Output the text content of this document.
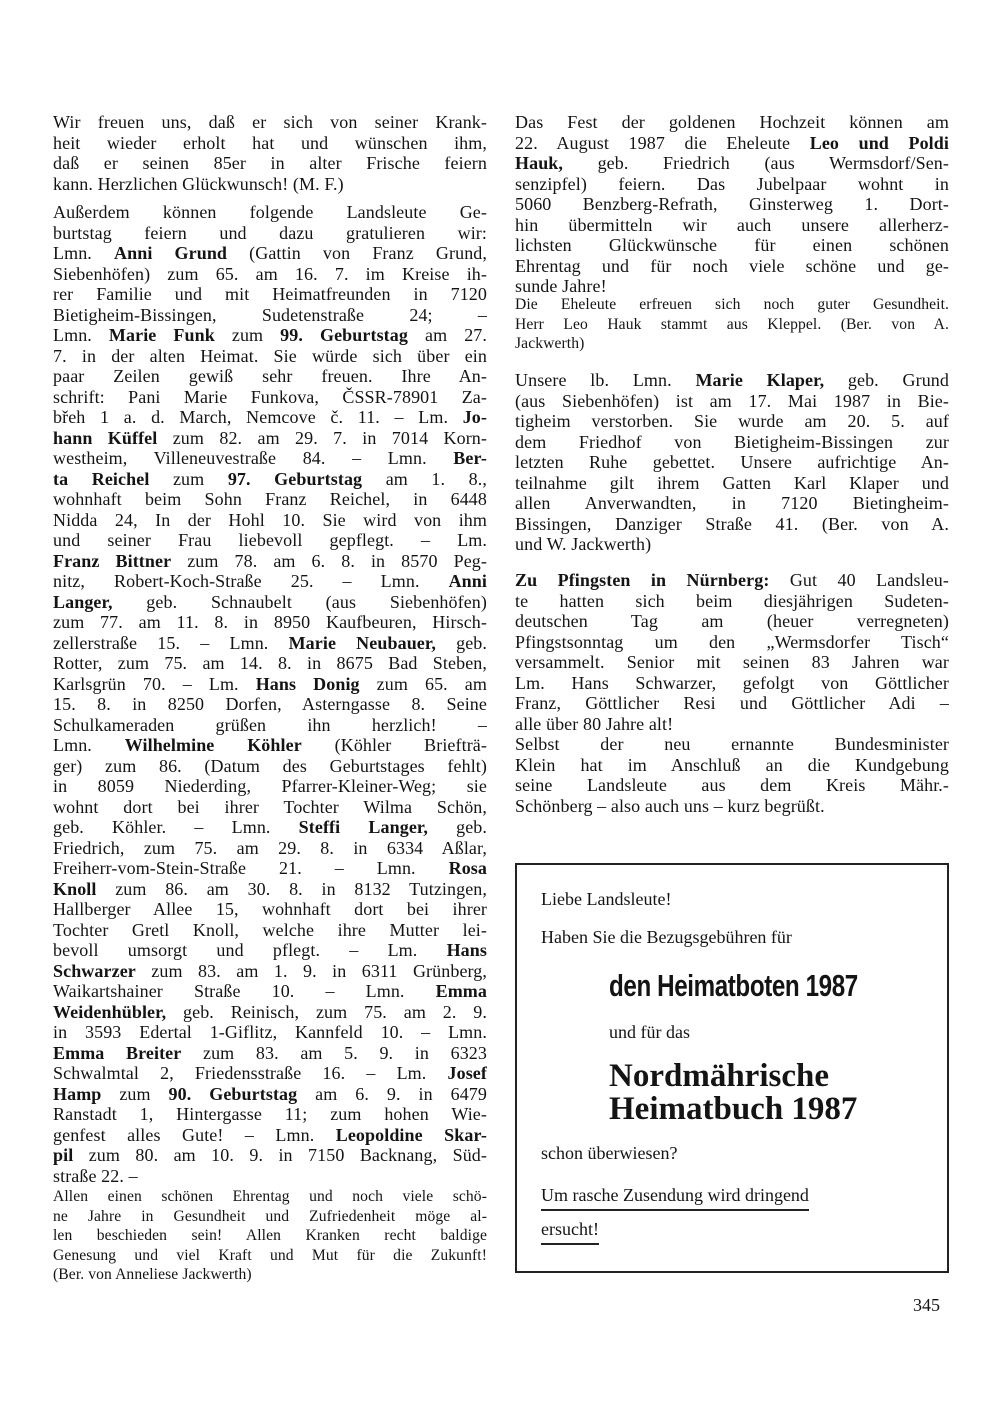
Wir freuen uns, daß er sich von seiner Krank-
heit wieder erholt hat und wünschen ihm,
daß er seinen 85er in alter Frische feiern
kann. Herzlichen Glückwunsch! (M. F.)
Außerdem können folgende Landsleute Ge-
burtstag feiern und dazu gratulieren wir:
Lmn. Anni Grund (Gattin von Franz Grund,
Siebenhöfen) zum 65. am 16. 7. im Kreise ih-
rer Familie und mit Heimatfreunden in 7120
Bietigheim-Bissingen, Sudetenstraße 24; –
Lmn. Marie Funk zum 99. Geburtstag am 27.
7. in der alten Heimat. Sie würde sich über ein
paar Zeilen gewiß sehr freuen. Ihre An-
schrift: Pani Marie Funkova, ČSSR-78901 Za-
břeh 1 a. d. March, Nemcove č. 11. – Lm. Jo-
hann Küffel zum 82. am 29. 7. in 7014 Korn-
westheim, Villeneuvestraße 84. – Lmn. Ber-
ta Reichel zum 97. Geburtstag am 1. 8.,
wohnhaft beim Sohn Franz Reichel, in 6448
Nidda 24, In der Hohl 10. Sie wird von ihm
und seiner Frau liebevoll gepflegt. – Lm.
Franz Bittner zum 78. am 6. 8. in 8570 Peg-
nitz, Robert-Koch-Straße 25. – Lmn. Anni
Langer, geb. Schnaubelt (aus Siebenhöfen)
zum 77. am 11. 8. in 8950 Kaufbeuren, Hirsch-
zellerstraße 15. – Lmn. Marie Neubauer, geb.
Rotter, zum 75. am 14. 8. in 8675 Bad Steben,
Karlsgrün 70. – Lm. Hans Donig zum 65. am
15. 8. in 8250 Dorfen, Asterngasse 8. Seine
Schulkameraden grüßen ihn herzlich! –
Lmn. Wilhelmine Köhler (Köhler Briefträ-
ger) zum 86. (Datum des Geburtstages fehlt)
in 8059 Niederding, Pfarrer-Kleiner-Weg; sie
wohnt dort bei ihrer Tochter Wilma Schön,
geb. Köhler. – Lmn. Steffi Langer, geb.
Friedrich, zum 75. am 29. 8. in 6334 Aßlar,
Freiherr-vom-Stein-Straße 21. – Lmn. Rosa
Knoll zum 86. am 30. 8. in 8132 Tutzingen,
Hallberger Allee 15, wohnhaft dort bei ihrer
Tochter Gretl Knoll, welche ihre Mutter lei-
bevoll umsorgt und pflegt. – Lm. Hans
Schwarzer zum 83. am 1. 9. in 6311 Grünberg,
Waikartshainer Straße 10. – Lmn. Emma
Weidenhübler, geb. Reinisch, zum 75. am 2. 9.
in 3593 Edertal 1-Giflitz, Kannfeld 10. – Lmn.
Emma Breiter zum 83. am 5. 9. in 6323
Schwalmtal 2, Friedensstraße 16. – Lm. Josef
Hamp zum 90. Geburtstag am 6. 9. in 6479
Ranstadt 1, Hintergasse 11; zum hohen Wie-
genfest alles Gute! – Lmn. Leopoldine Skar-
pil zum 80. am 10. 9. in 7150 Backnang, Süd-
straße 22. –
Allen einen schönen Ehrentag und noch viele schö-
ne Jahre in Gesundheit und Zufriedenheit möge al-
len beschieden sein! Allen Kranken recht baldige
Genesung und viel Kraft und Mut für die Zukunft!
(Ber. von Anneliese Jackwerth)
Das Fest der goldenen Hochzeit können am
22. August 1987 die Eheleute Leo und Poldi
Hauk, geb. Friedrich (aus Wermsdorf/Sen-
senzipfel) feiern. Das Jubelpaar wohnt in
5060 Benzberg-Refrath, Ginsterweg 1. Dort-
hin übermitteln wir auch unsere allerherz-
lichsten Glückwünsche für einen schönen
Ehrentag und für noch viele schöne und ge-
sunde Jahre!
Die Eheleute erfreuen sich noch guter Gesundheit.
Herr Leo Hauk stammt aus Kleppel. (Ber. von A.
Jackwerth)
Unsere lb. Lmn. Marie Klaper, geb. Grund
(aus Siebenhöfen) ist am 17. Mai 1987 in Bie-
tigheim verstorben. Sie wurde am 20. 5. auf
dem Friedhof von Bietigheim-Bissingen zur
letzten Ruhe gebettet. Unsere aufrichtige An-
teilnahme gilt ihrem Gatten Karl Klaper und
allen Anverwandten, in 7120 Bietingheim-
Bissingen, Danziger Straße 41. (Ber. von A.
und W. Jackwerth)
Zu Pfingsten in Nürnberg: Gut 40 Landsleu-
te hatten sich beim diesjährigen Sudeten-
deutschen Tag am (heuer verregneten)
Pfingstsonntag um den „Wermsdorfer Tisch“
versammelt. Senior mit seinen 83 Jahren war
Lm. Hans Schwarzer, gefolgt von Göttlicher
Franz, Göttlicher Resi und Göttlicher Adi –
alle über 80 Jahre alt!
Selbst der neu ernannte Bundesminister
Klein hat im Anschluß an die Kundgebung
seine Landsleute aus dem Kreis Mähr.-
Schönberg – also auch uns – kurz begrüßt.
Liebe Landsleute!
Haben Sie die Bezugsgebühren für
den Heimatboten 1987
und für das
Nordmährische
Heimatbuch 1987
schon überwiesen?
Um rasche Zusendung wird dringend
ersucht!
345
